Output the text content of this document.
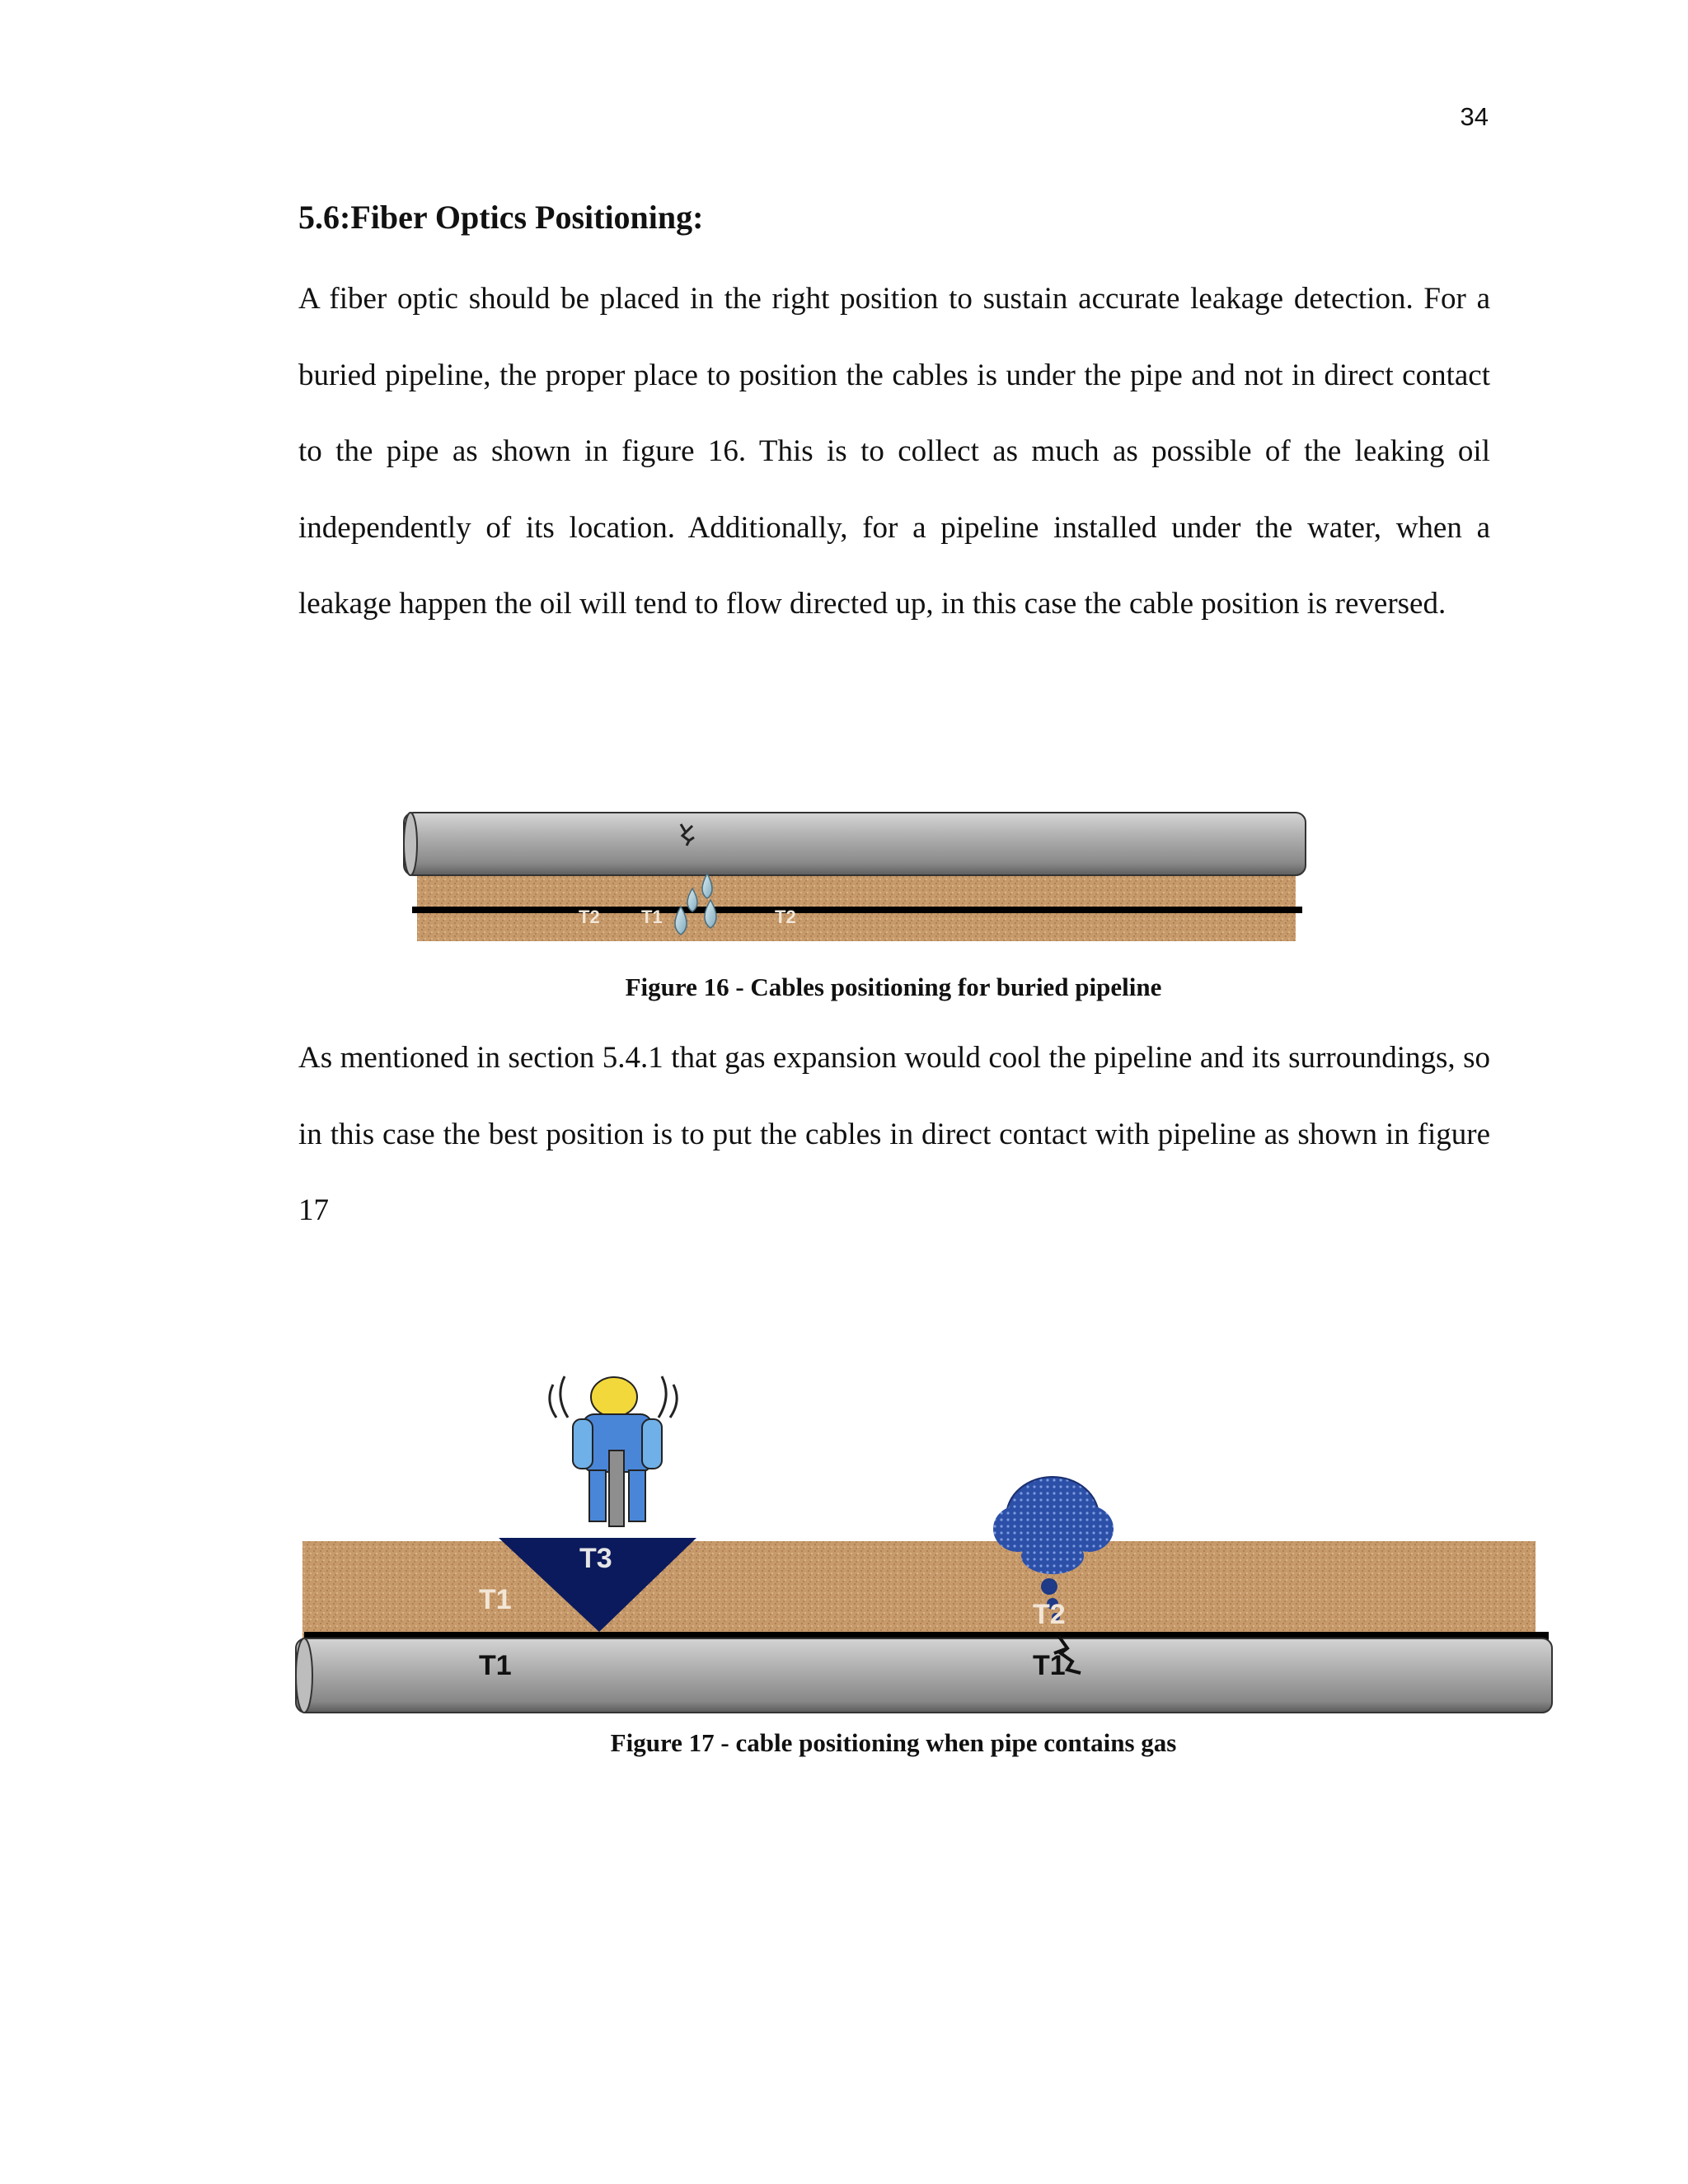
34
5.6:Fiber Optics Positioning:

A fiber optic should be placed in the right position to sustain accurate leakage detection. For a buried pipeline, the proper place to position the cables is under the pipe and not in direct contact to the pipe as shown in figure 16. This is to collect as much as possible of the leaking oil independently of its location. Additionally, for a pipeline installed under the water, when a leakage happen the oil will tend to flow directed up, in this case the cable position is reversed.

T2 T1	T2
Figure 16 - Cables positioning for buried pipeline

As mentioned in section 5.4.1 that gas expansion would cool the pipeline and its surroundings, so in this case the best position is to put the cables in direct contact with pipeline as shown in figure 17

T3
T1
T1
T2
T1
Figure 17 - cable positioning when pipe contains gas
